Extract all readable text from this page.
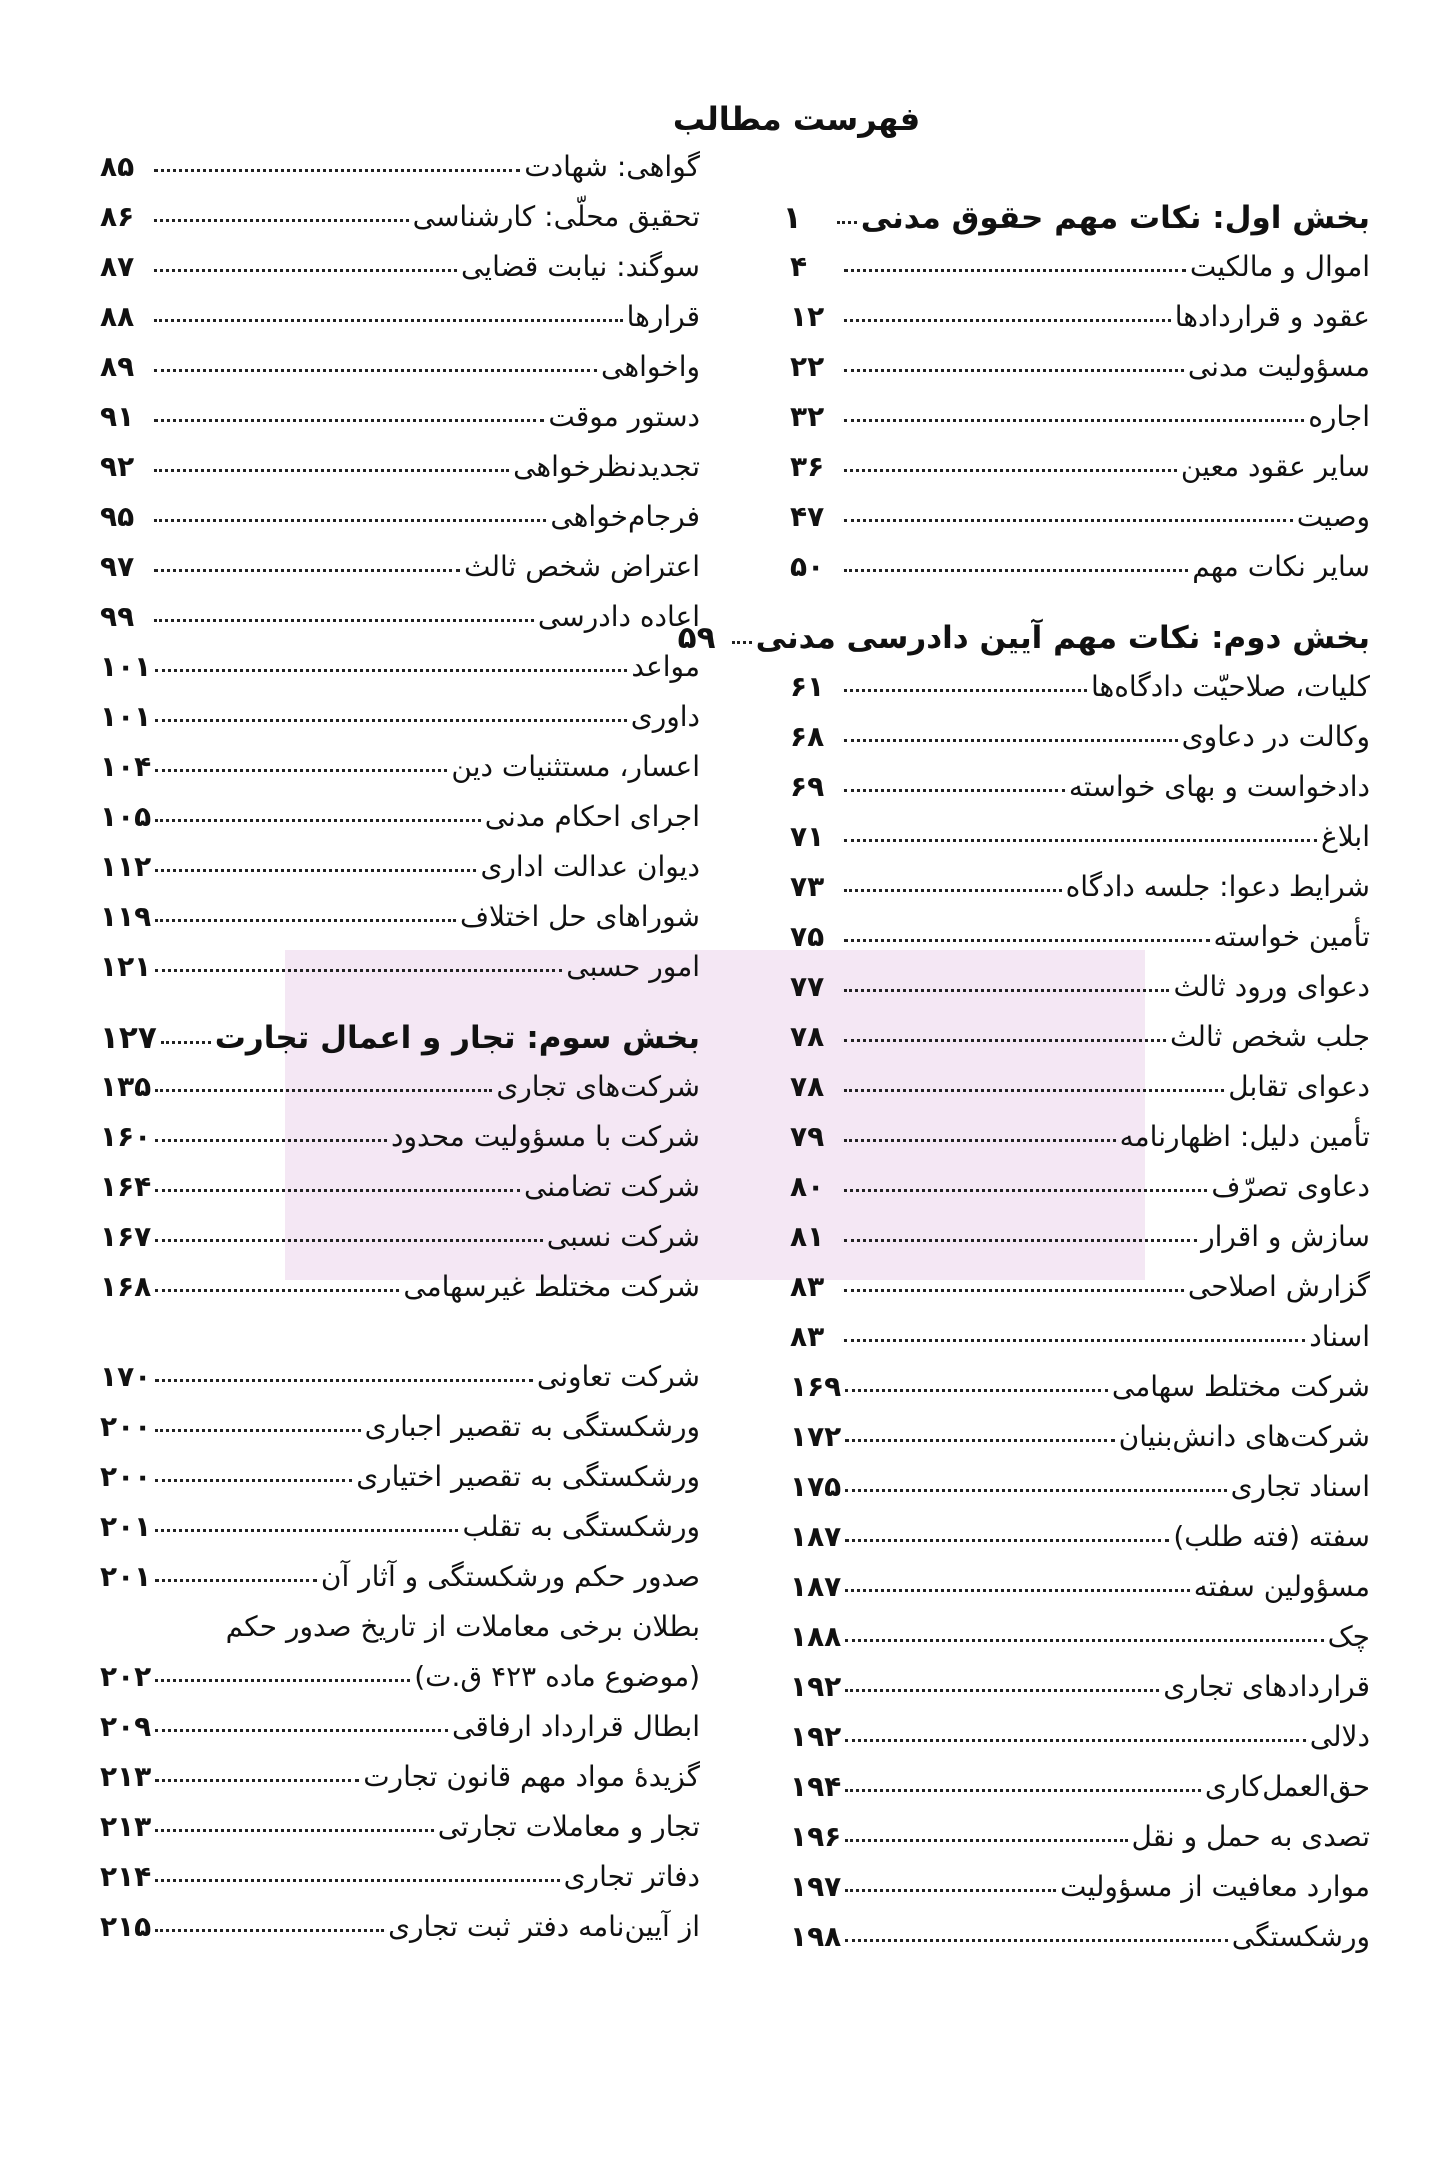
فهرست مطالب
بخش اول: نکات مهم حقوق مدنی
۱
اموال و مالکیت
۴
عقود و قراردادها
۱۲
مسؤولیت مدنی
۲۲
اجاره
۳۲
سایر عقود معین
۳۶
وصیت
۴۷
سایر نکات مهم
۵۰
بخش دوم: نکات مهم آیین دادرسی مدنی
۵۹
کلیات، صلاحیّت دادگاه‌ها
۶۱
وکالت در دعاوی
۶۸
دادخواست و بهای خواسته
۶۹
ابلاغ
۷۱
شرایط دعوا: جلسه دادگاه
۷۳
تأمین خواسته
۷۵
دعوای ورود ثالث
۷۷
جلب شخص ثالث
۷۸
دعوای تقابل
۷۸
تأمین دلیل: اظهارنامه
۷۹
دعاوی تصرّف
۸۰
سازش و اقرار
۸۱
گزارش اصلاحی
۸۳
اسناد
۸۳
شرکت مختلط سهامی
۱۶۹
شرکت‌های دانش‌بنیان
۱۷۲
اسناد تجاری
۱۷۵
سفته (فته طلب)
۱۸۷
مسؤولین سفته
۱۸۷
چک
۱۸۸
قراردادهای تجاری
۱۹۲
دلالی
۱۹۲
حق‌العمل‌کاری
۱۹۴
تصدی به حمل و نقل
۱۹۶
موارد معافیت از مسؤولیت
۱۹۷
ورشکستگی
۱۹۸
گواهی: شهادت
۸۵
تحقیق محلّی: کارشناسی
۸۶
سوگند: نیابت قضایی
۸۷
قرارها
۸۸
واخواهی
۸۹
دستور موقت
۹۱
تجدیدنظرخواهی
۹۲
فرجام‌خواهی
۹۵
اعتراض شخص ثالث
۹۷
اعاده دادرسی
۹۹
مواعد
۱۰۱
داوری
۱۰۱
اعسار، مستثنیات دین
۱۰۴
اجرای احکام مدنی
۱۰۵
دیوان عدالت اداری
۱۱۲
شوراهای حل اختلاف
۱۱۹
امور حسبی
۱۲۱
بخش سوم: تجار و اعمال تجارت
۱۲۷
شرکت‌های تجاری
۱۳۵
شرکت با مسؤولیت محدود
۱۶۰
شرکت تضامنی
۱۶۴
شرکت نسبی
۱۶۷
شرکت مختلط غیرسهامی
۱۶۸
شرکت تعاونی
۱۷۰
ورشکستگی به تقصیر اجباری
۲۰۰
ورشکستگی به تقصیر اختیاری
۲۰۰
ورشکستگی به تقلب
۲۰۱
صدور حکم ورشکستگی و آثار آن
۲۰۱
بطلان برخی معاملات از تاریخ صدور حکم
(موضوع ماده ۴۲۳ ق.ت)
۲۰۲
ابطال قرارداد ارفاقی
۲۰۹
گزیدهٔ مواد مهم قانون تجارت
۲۱۳
تجار و معاملات تجارتی
۲۱۳
دفاتر تجاری
۲۱۴
از آیین‌نامه دفتر ثبت تجاری
۲۱۵
